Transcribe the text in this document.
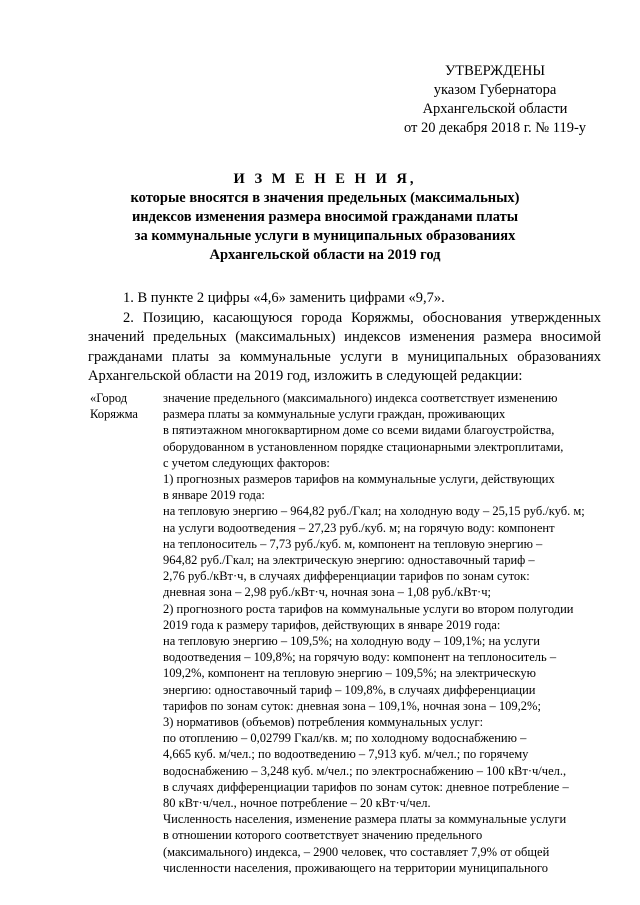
УТВЕРЖДЕНЫ
указом Губернатора
Архангельской области
от 20 декабря 2018 г. № 119-у
И З М Е Н Е Н И Я,
которые вносятся в значения предельных (максимальных)
индексов изменения размера вносимой гражданами платы
за коммунальные услуги в муниципальных образованиях
Архангельской области на 2019 год

1. В пункте 2 цифры «4,6» заменить цифрами «9,7».

2. Позицию, касающуюся города Коряжмы, обоснования утвержденных значений предельных (максимальных) индексов изменения размера вносимой гражданами платы за коммунальные услуги в муниципальных образованиях Архангельской области на 2019 год, изложить в следующей редакции:

«Город
Коряжма
значение предельного (максимального) индекса соответствует изменению
размера платы за коммунальные услуги граждан, проживающих
в пятиэтажном многоквартирном доме со всеми видами благоустройства,
оборудованном в установленном порядке стационарными электроплитами,
с учетом следующих факторов:
1) прогнозных размеров тарифов на коммунальные услуги, действующих
в январе 2019 года:
на тепловую энергию – 964,82 руб./Гкал; на холодную воду – 25,15 руб./куб. м;
на услуги водоотведения – 27,23 руб./куб. м; на горячую воду: компонент
на теплоноситель – 7,73 руб./куб. м, компонент на тепловую энергию –
964,82 руб./Гкал; на электрическую энергию: одноставочный тариф –
2,76 руб./кВт·ч, в случаях дифференциации тарифов по зонам суток:
дневная зона – 2,98 руб./кВт·ч, ночная зона – 1,08 руб./кВт·ч;
2) прогнозного роста тарифов на коммунальные услуги во втором полугодии
2019 года к размеру тарифов, действующих в январе 2019 года:
на тепловую энергию – 109,5%; на холодную воду – 109,1%; на услуги
водоотведения – 109,8%; на горячую воду: компонент на теплоноситель –
109,2%, компонент на тепловую энергию – 109,5%; на электрическую
энергию: одноставочный тариф – 109,8%, в случаях дифференциации
тарифов по зонам суток: дневная зона – 109,1%, ночная зона – 109,2%;
3) нормативов (объемов) потребления коммунальных услуг:
по отоплению – 0,02799 Гкал/кв. м; по холодному водоснабжению –
4,665 куб. м/чел.; по водоотведению – 7,913 куб. м/чел.; по горячему
водоснабжению – 3,248 куб. м/чел.; по электроснабжению – 100 кВт·ч/чел.,
в случаях дифференциации тарифов по зонам суток: дневное потребление –
80 кВт·ч/чел., ночное потребление – 20 кВт·ч/чел.
Численность населения, изменение размера платы за коммунальные услуги
в отношении которого соответствует значению предельного
(максимального) индекса, – 2900 человек, что составляет 7,9% от общей
численности населения, проживающего на территории муниципального
